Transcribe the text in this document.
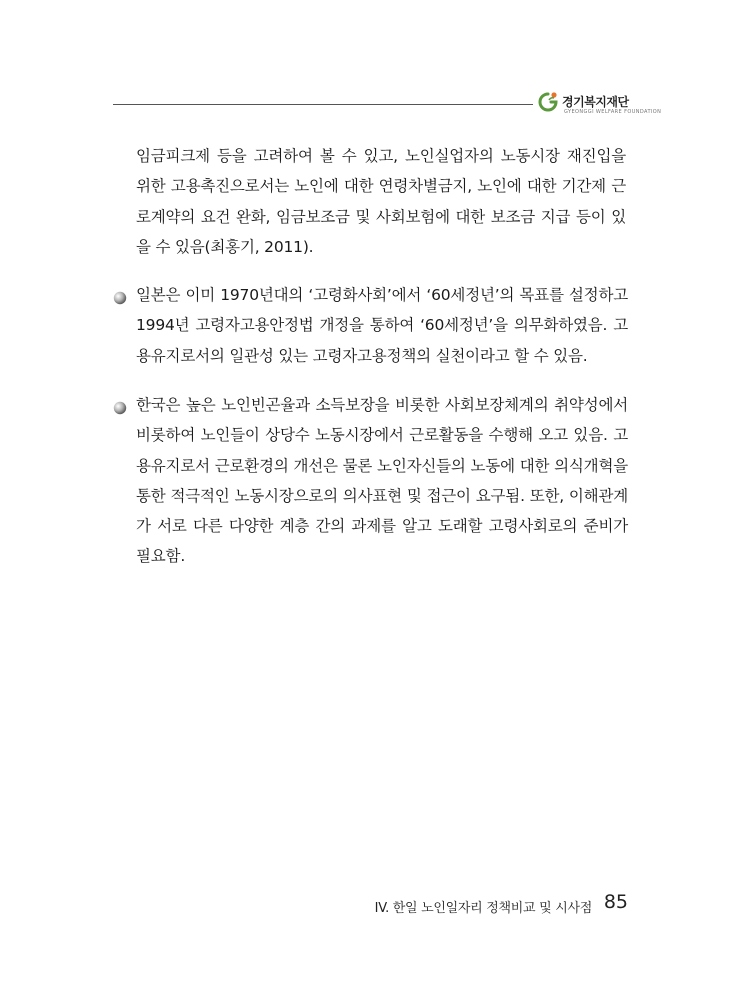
경기복지재단
GYEONGGI WELFARE FOUNDATION

임금피크제 등을 고려하여 볼 수 있고, 노인실업자의 노동시장 재진입을 위한 고용촉진으로서는 노인에 대한 연령차별금지, 노인에 대한 기간제 근로계약의 요건 완화, 임금보조금 및 사회보험에 대한 보조금 지급 등이 있을 수 있음(최홍기, 2011).

일본은 이미 1970년대의 ‘고령화사회’에서 ‘60세정년’의 목표를 설정하고 1994년 고령자고용안정법 개정을 통하여 ‘60세정년’을 의무화하였음. 고용유지로서의 일관성 있는 고령자고용정책의 실천이라고 할 수 있음.

한국은 높은 노인빈곤율과 소득보장을 비롯한 사회보장체계의 취약성에서 비롯하여 노인들이 상당수 노동시장에서 근로활동을 수행해 오고 있음. 고용유지로서 근로환경의 개선은 물론 노인자신들의 노동에 대한 의식개혁을 통한 적극적인 노동시장으로의 의사표현 및 접근이 요구됨. 또한, 이해관계가 서로 다른 다양한 계층 간의 과제를 알고 도래할 고령사회로의 준비가 필요함.

IV. 한일 노인일자리 정책비교 및 시사점 85
